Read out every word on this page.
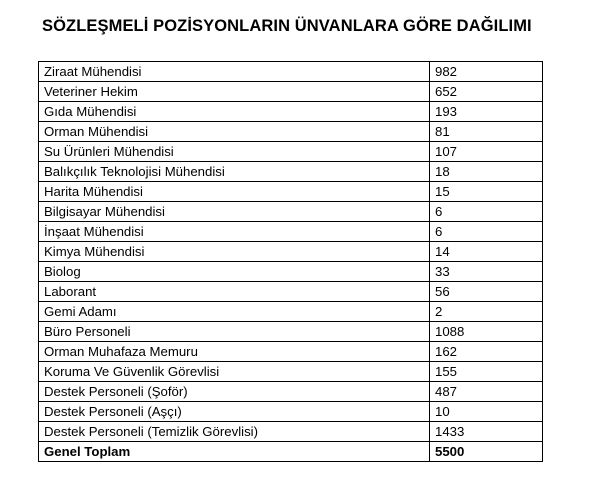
SÖZLEŞMELİ POZİSYONLARIN ÜNVANLARA GÖRE DAĞILIMI
Ziraat Mühendisi	982
Veteriner Hekim	652
Gıda Mühendisi	193
Orman Mühendisi	81
Su Ürünleri Mühendisi	107
Balıkçılık Teknolojisi Mühendisi	18
Harita Mühendisi	15
Bilgisayar Mühendisi	6
İnşaat Mühendisi	6
Kimya Mühendisi	14
Biolog	33
Laborant	56
Gemi Adamı	2
Büro Personeli	1088
Orman Muhafaza Memuru	162
Koruma Ve Güvenlik Görevlisi	155
Destek Personeli (Şoför)	487
Destek Personeli (Aşçı)	10
Destek Personeli (Temizlik Görevlisi)	1433
Genel Toplam	5500
